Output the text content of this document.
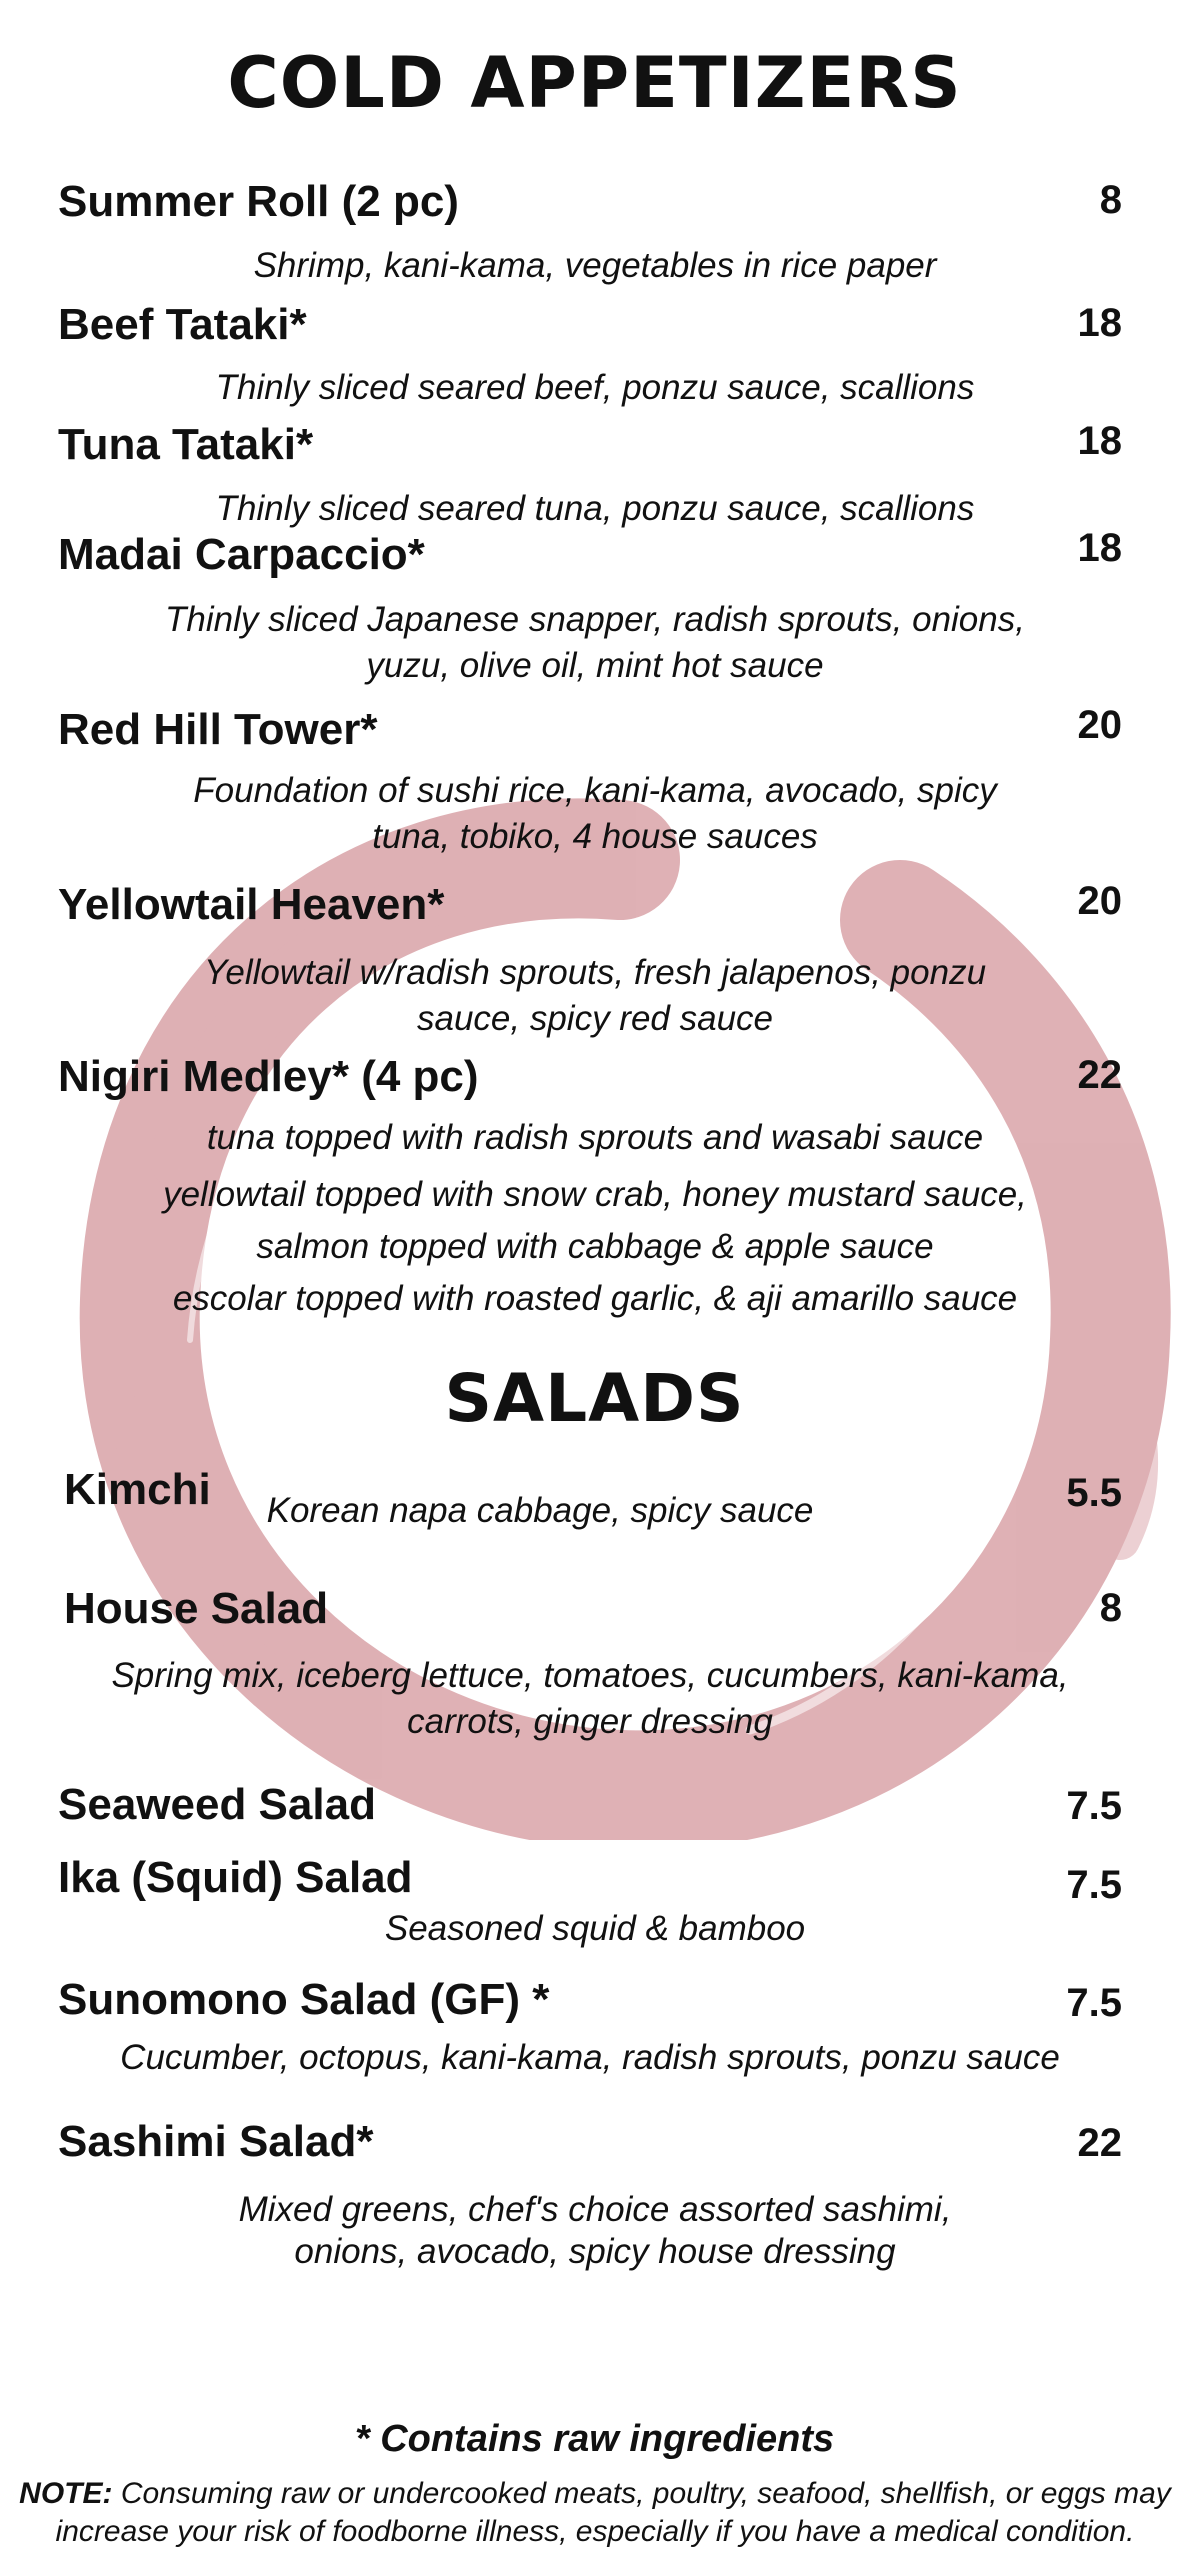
COLD APPETIZERS
Summer Roll (2 pc)	8

Shrimp, kani-kama, vegetables in rice paper

Beef Tataki*	18

Thinly sliced seared beef, ponzu sauce, scallions

Tuna Tataki*	18

Thinly sliced seared tuna, ponzu sauce, scallions

Madai Carpaccio*	18

Thinly sliced Japanese snapper, radish sprouts, onions,

yuzu, olive oil, mint hot sauce

Red Hill Tower*	20

Foundation of sushi rice, kani-kama, avocado, spicy

tuna, tobiko, 4 house sauces

Yellowtail Heaven*	20

Yellowtail w/radish sprouts, fresh jalapenos, ponzu

sauce, spicy red sauce

Nigiri Medley* (4 pc)	22

tuna topped with radish sprouts and wasabi sauce

yellowtail topped with snow crab, honey mustard sauce,

salmon topped with cabbage & apple sauce

escolar topped with roasted garlic, & aji amarillo sauce

SALADS
Kimchi	5.5

Korean napa cabbage, spicy sauce

House Salad	8

Spring mix, iceberg lettuce, tomatoes, cucumbers, kani-kama,

carrots, ginger dressing

Seaweed Salad	7.5
Ika (Squid) Salad	7.5

Seasoned squid & bamboo

Sunomono Salad (GF) *	7.5

Cucumber, octopus, kani-kama, radish sprouts, ponzu sauce

Sashimi Salad*	22

Mixed greens, chef's choice assorted sashimi,

onions, avocado, spicy house dressing

* Contains raw ingredients

NOTE: Consuming raw or undercooked meats, poultry, seafood, shellfish, or eggs may
increase your risk of foodborne illness, especially if you have a medical condition.
